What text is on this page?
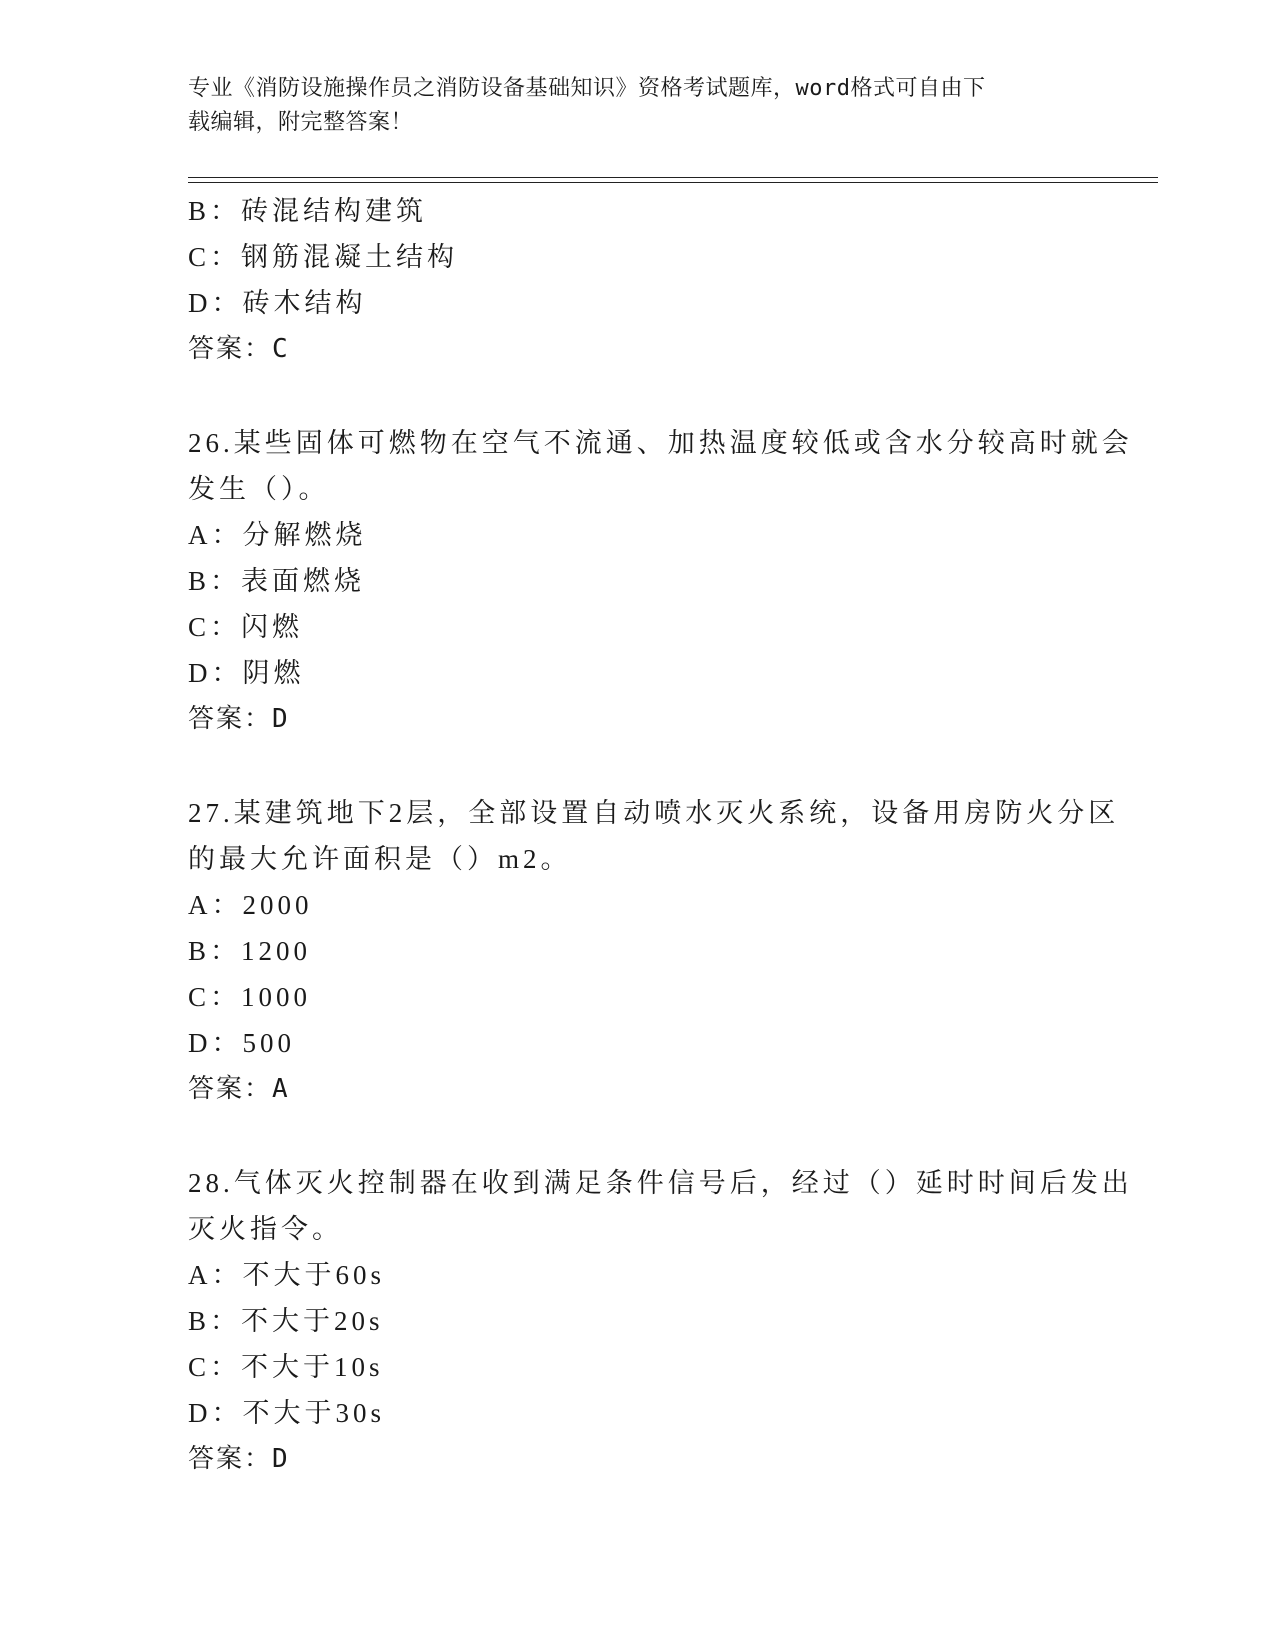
专业《消防设施操作员之消防设备基础知识》资格考试题库，word格式可自由下
载编辑，附完整答案！
B：砖混结构建筑
C：钢筋混凝土结构
D：砖木结构
答案：C
26.某些固体可燃物在空气不流通、加热温度较低或含水分较高时就会
发生（）。
A：分解燃烧
B：表面燃烧
C：闪燃
D：阴燃
答案：D
27.某建筑地下2层，全部设置自动喷水灭火系统，设备用房防火分区
的最大允许面积是（）m2。
A：2000
B：1200
C：1000
D：500
答案：A
28.气体灭火控制器在收到满足条件信号后，经过（）延时时间后发出
灭火指令。
A：不大于60s
B：不大于20s
C：不大于10s
D：不大于30s
答案：D
